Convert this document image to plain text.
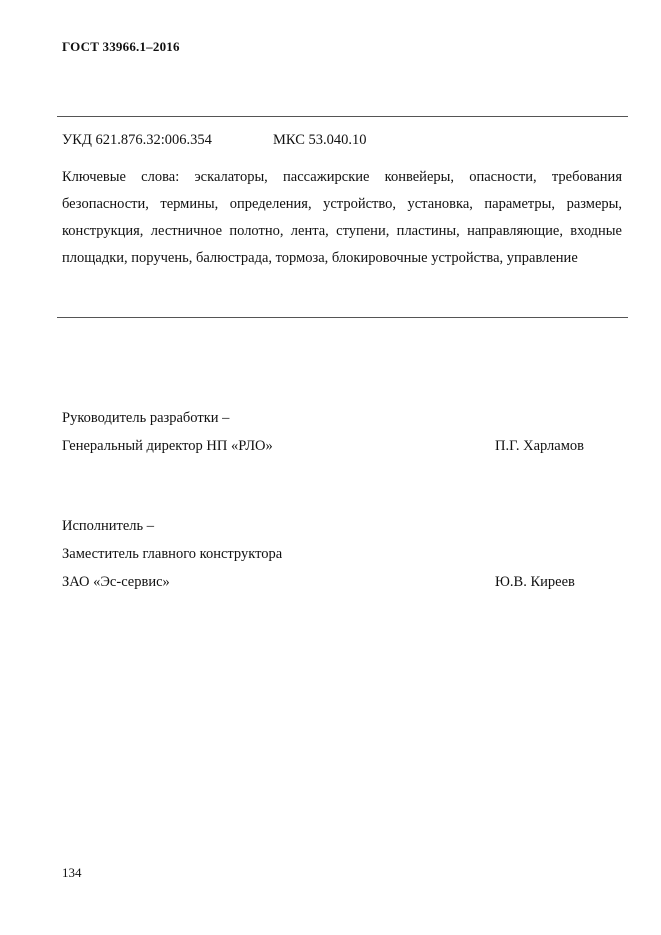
ГОСТ 33966.1–2016
УКД 621.876.32:006.354	МКС 53.040.10
Ключевые слова: эскалаторы, пассажирские конвейеры, опасности, требования безопасности, термины, определения, устройство, установка, параметры, размеры, конструкция, лестничное полотно, лента, ступени, пластины, направляющие, входные площадки, поручень, балюстрада, тормоза, блокировочные устройства, управление
Руководитель разработки –
Генеральный директор НП «РЛО»	П.Г. Харламов
Исполнитель –
Заместитель главного конструктора
ЗАО «Эс-сервис»	Ю.В. Киреев
134
